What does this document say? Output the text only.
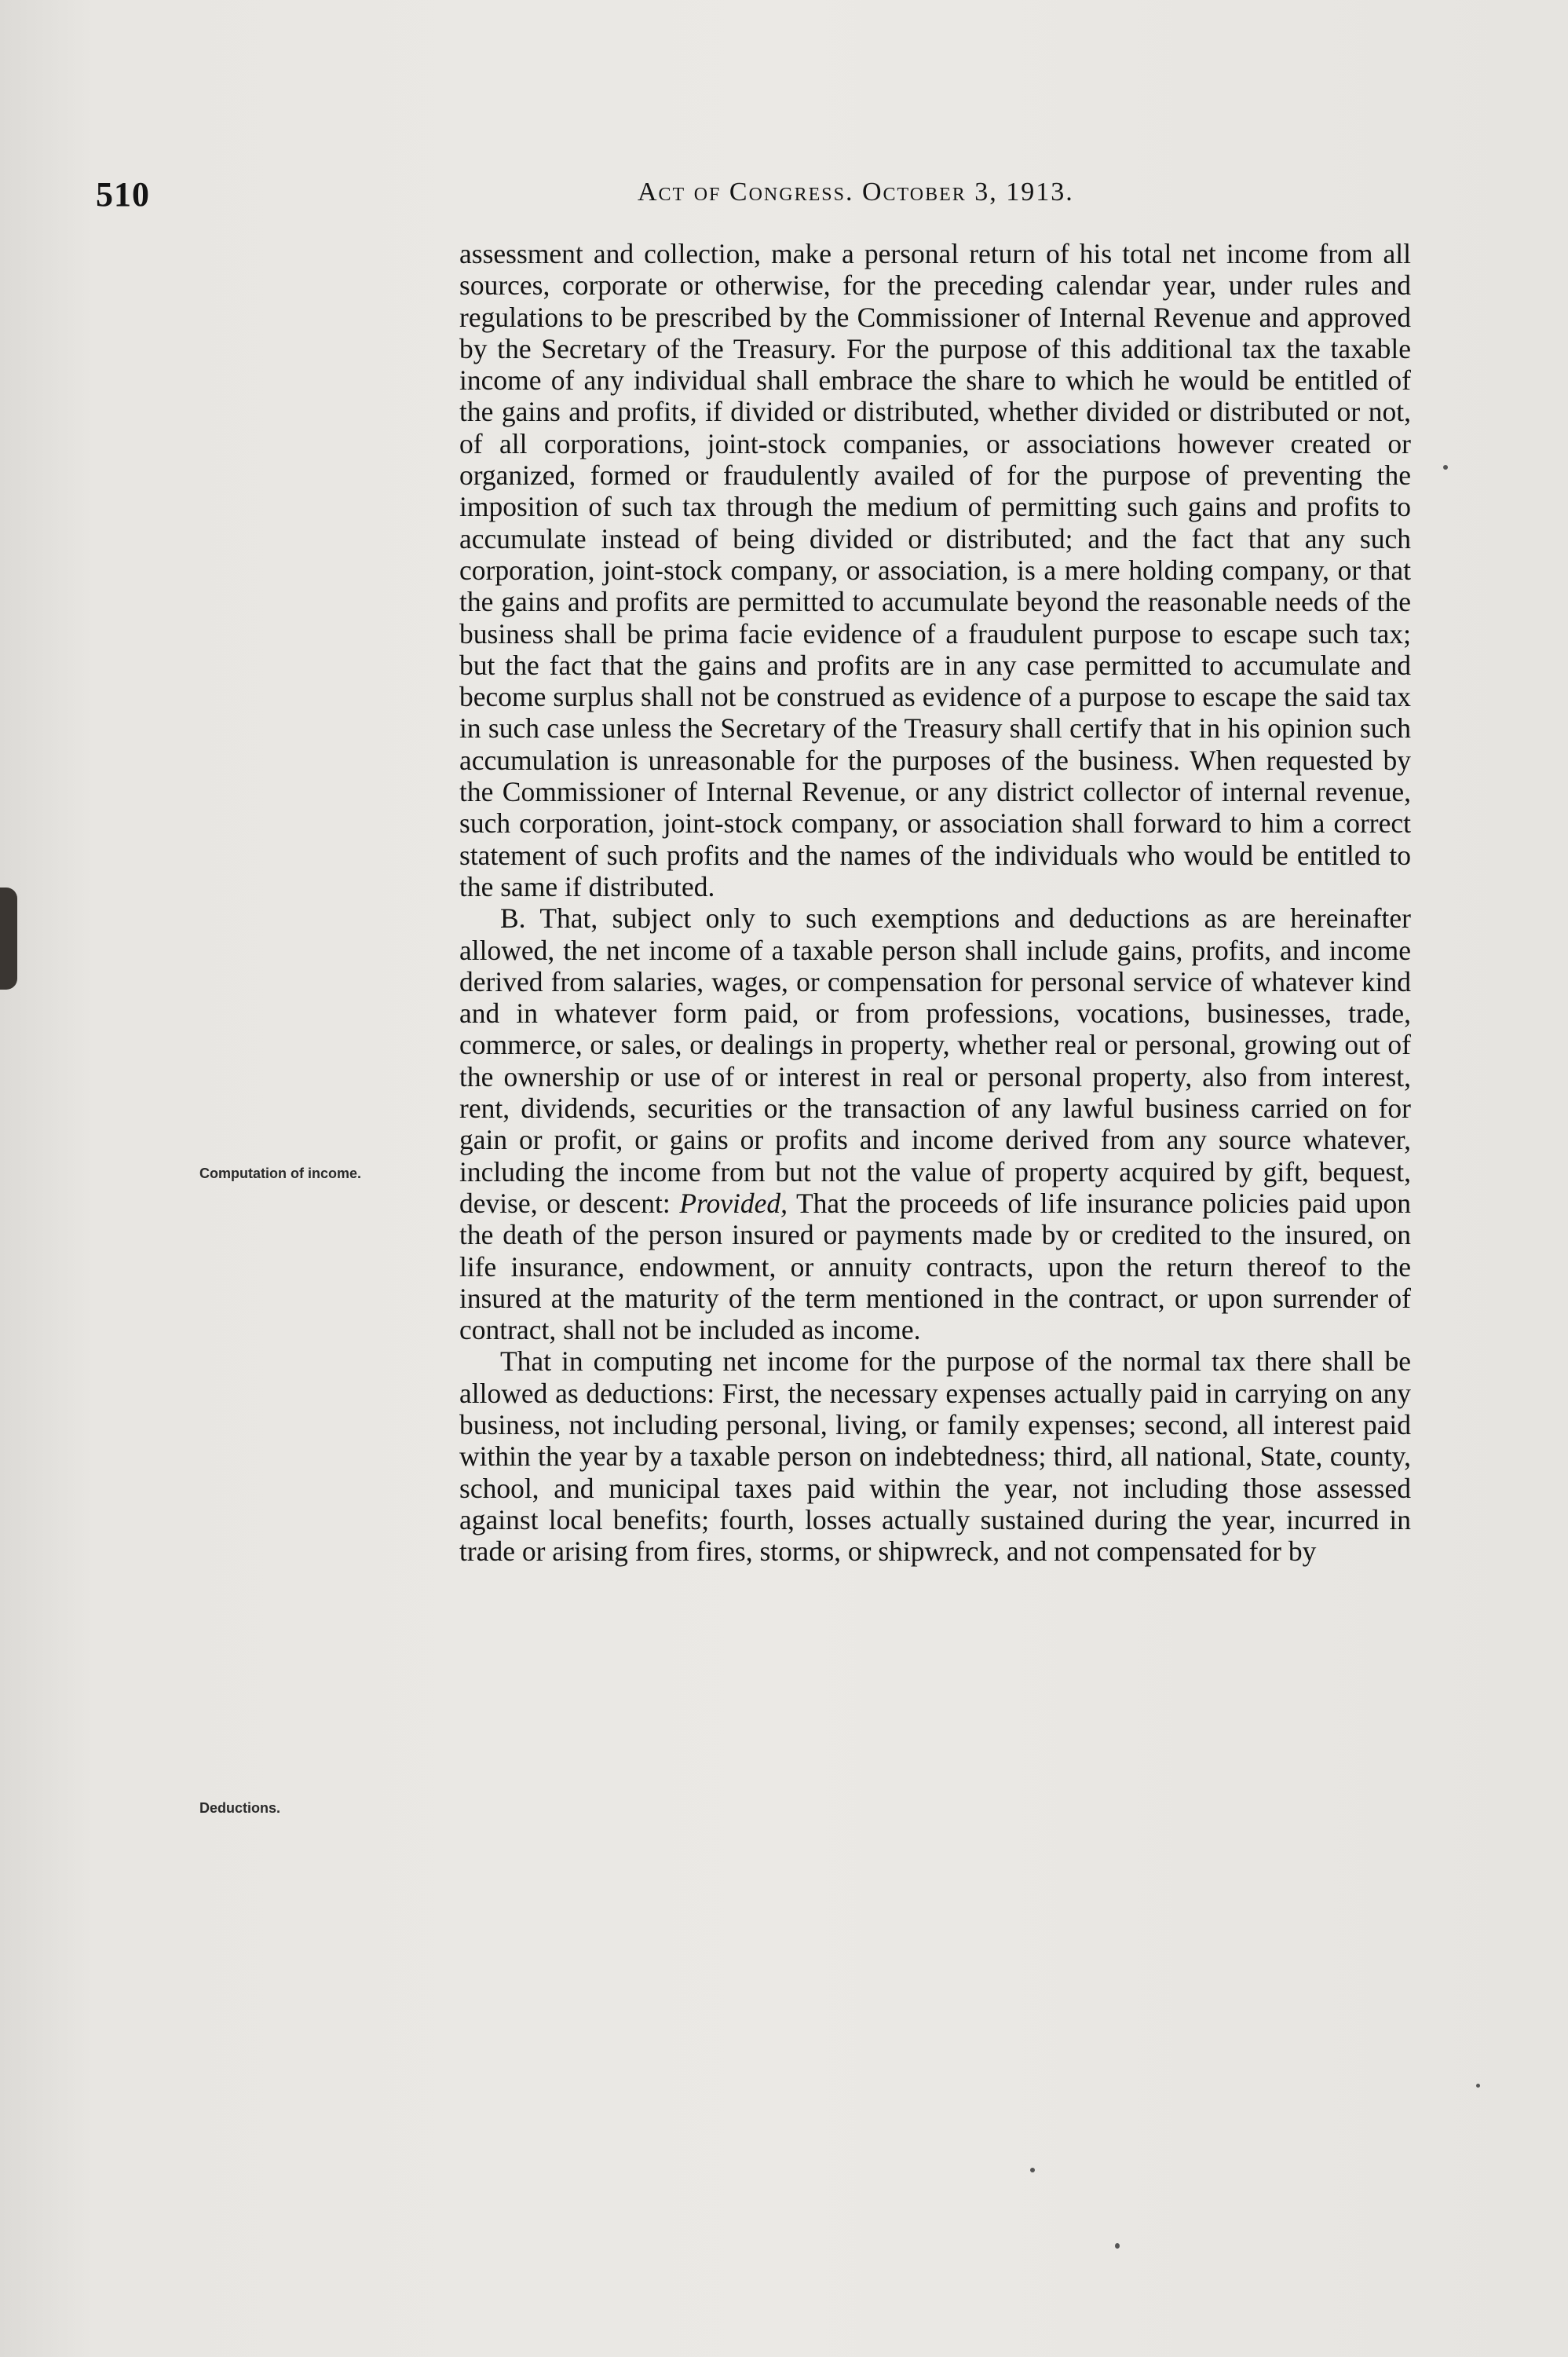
510	Act of Congress. October 3, 1913.
Computation of income.
Deductions.

assessment and collection, make a personal return of his total net income from all sources, corporate or otherwise, for the preceding calendar year, under rules and regulations to be prescribed by the Commissioner of Internal Revenue and approved by the Secretary of the Treasury. For the purpose of this additional tax the taxable income of any individual shall embrace the share to which he would be entitled of the gains and profits, if divided or distributed, whether divided or distributed or not, of all corporations, joint-stock companies, or associations however created or organized, formed or fraudulently availed of for the purpose of preventing the imposition of such tax through the medium of permitting such gains and profits to accumulate instead of being divided or distributed; and the fact that any such corporation, joint-stock company, or association, is a mere holding company, or that the gains and profits are permitted to accumulate beyond the reasonable needs of the business shall be prima facie evidence of a fraudulent purpose to escape such tax; but the fact that the gains and profits are in any case permitted to accumulate and become surplus shall not be construed as evidence of a purpose to escape the said tax in such case unless the Secretary of the Treasury shall certify that in his opinion such accumulation is unreasonable for the purposes of the business. When requested by the Commissioner of Internal Revenue, or any district collector of internal revenue, such corporation, joint-stock company, or association shall forward to him a correct statement of such profits and the names of the individuals who would be entitled to the same if distributed.

B. That, subject only to such exemptions and deductions as are hereinafter allowed, the net income of a taxable person shall include gains, profits, and income derived from salaries, wages, or compensation for personal service of whatever kind and in whatever form paid, or from professions, vocations, businesses, trade, commerce, or sales, or dealings in property, whether real or personal, growing out of the ownership or use of or interest in real or personal property, also from interest, rent, dividends, securities or the transaction of any lawful business carried on for gain or profit, or gains or profits and income derived from any source whatever, including the income from but not the value of property acquired by gift, bequest, devise, or descent: Provided, That the proceeds of life insurance policies paid upon the death of the person insured or payments made by or credited to the insured, on life insurance, endowment, or annuity contracts, upon the return thereof to the insured at the maturity of the term mentioned in the contract, or upon surrender of contract, shall not be included as income.

That in computing net income for the purpose of the normal tax there shall be allowed as deductions: First, the necessary expenses actually paid in carrying on any business, not including personal, living, or family expenses; second, all interest paid within the year by a taxable person on indebtedness; third, all national, State, county, school, and municipal taxes paid within the year, not including those assessed against local benefits; fourth, losses actually sustained during the year, incurred in trade or arising from fires, storms, or shipwreck, and not compensated for by
